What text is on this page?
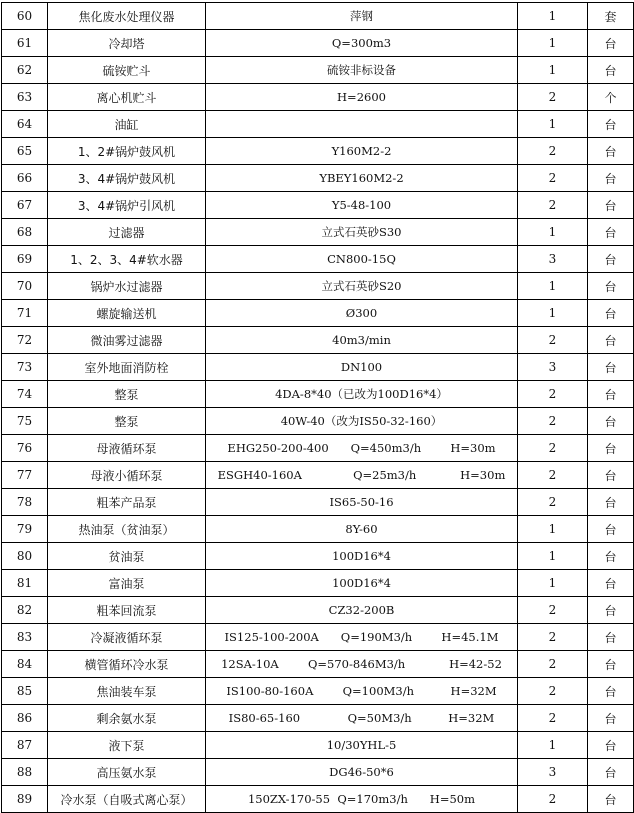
60	焦化废水处理仪器	萍钢	1	套
61	冷却塔	Q=300m3	1	台
62	硫铵贮斗	硫铵非标设备	1	台
63	离心机贮斗	H=2600	2	个
64	油缸		1	台
65	1、2#锅炉鼓风机	Y160M2-2	2	台
66	3、4#锅炉鼓风机	YBEY160M2-2	2	台
67	3、4#锅炉引风机	Y5-48-100	2	台
68	过滤器	立式石英砂S30	1	台
69	1、2、3、4#软水器	CN800-15Q	3	台
70	锅炉水过滤器	立式石英砂S20	1	台
71	螺旋输送机	Ø300	1	台
72	微油雾过滤器	40m3/min	2	台
73	室外地面消防栓	DN100	3	台
74	整泵	4DA-8*40（已改为100D16*4）	2	台
75	整泵	40W-40（改为IS50-32-160）	2	台
76	母液循环泵	EHG250-200-400      Q=450m3/h        H=30m	2	台
77	母液小循环泵	ESGH40-160A              Q=25m3/h            H=30m	2	台
78	粗苯产品泵	IS65-50-16	2	台
79	热油泵（贫油泵）	8Y-60	1	台
80	贫油泵	100D16*4	1	台
81	富油泵	100D16*4	1	台
82	粗苯回流泵	CZ32-200B	2	台
83	冷凝液循环泵	IS125-100-200A      Q=190M3/h        H=45.1M	2	台
84	横管循环冷水泵	12SA-10A        Q=570-846M3/h            H=42-52	2	台
85	焦油装车泵	IS100-80-160A        Q=100M3/h          H=32M	2	台
86	剩余氨水泵	IS80-65-160             Q=50M3/h          H=32M	2	台
87	液下泵	10/30YHL-5	1	台
88	高压氨水泵	DG46-50*6	3	台
89	冷水泵（自吸式离心泵）	150ZX-170-55  Q=170m3/h      H=50m	2	台
